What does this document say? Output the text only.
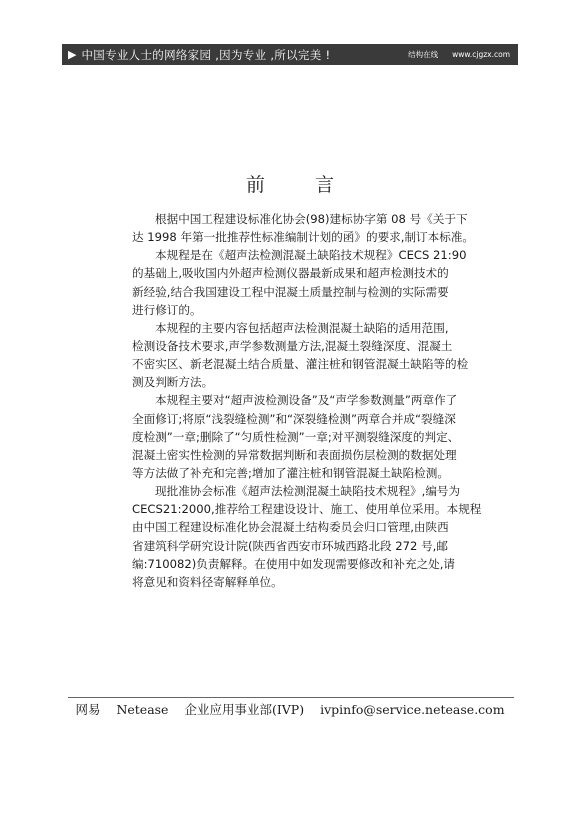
▶ 中国专业人士的网络家园 ,因为专业 ,所以完美 !	结构在线 www.cjgzx.com
前 言
根据中国工程建设标准化协会(98)建标协字第 08 号《关于下
达 1998 年第一批推荐性标准编制计划的函》的要求,制订本标准。
本规程是在《超声法检测混凝土缺陷技术规程》CECS 21:90
的基础上,吸收国内外超声检测仪器最新成果和超声检测技术的
新经验,结合我国建设工程中混凝土质量控制与检测的实际需要
进行修订的。
本规程的主要内容包括超声法检测混凝土缺陷的适用范围,
检测设备技术要求,声学参数测量方法,混凝土裂缝深度、混凝土
不密实区、新老混凝土结合质量、灌注桩和钢管混凝土缺陷等的检
测及判断方法。
本规程主要对“超声波检测设备”及“声学参数测量”两章作了
全面修订;将原“浅裂缝检测”和“深裂缝检测”两章合并成“裂缝深
度检测”一章;删除了“匀质性检测”一章;对平测裂缝深度的判定、
混凝土密实性检测的异常数据判断和表面损伤层检测的数据处理
等方法做了补充和完善;增加了灌注桩和钢管混凝土缺陷检测。
现批准协会标准《超声法检测混凝土缺陷技术规程》,编号为
CECS21:2000,推荐给工程建设设计、施工、使用单位采用。本规程
由中国工程建设标准化协会混凝土结构委员会归口管理,由陕西
省建筑科学研究设计院(陕西省西安市环城西路北段 272 号,邮
编:710082)负责解释。在使用中如发现需要修改和补充之处,请
将意见和资料径寄解释单位。
网易 Netease 企业应用事业部(IVP) ivpinfo@service.netease.com
